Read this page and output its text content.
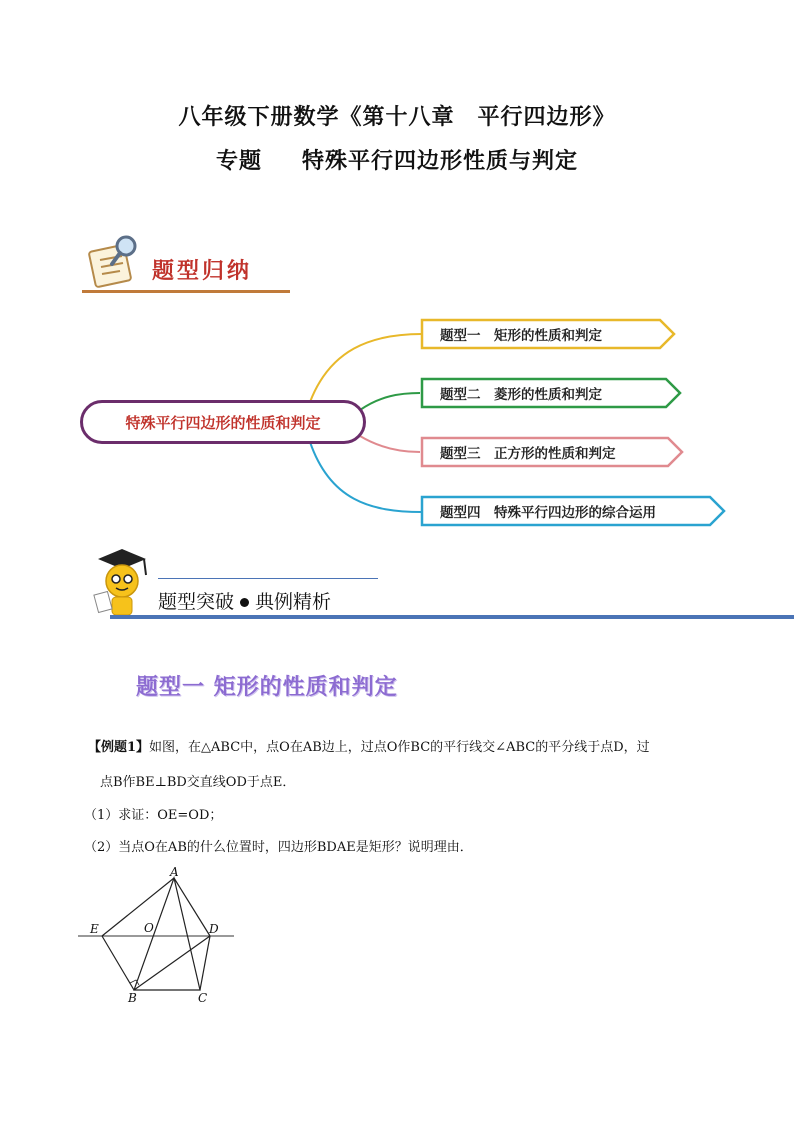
八年级下册数学《第十八章　平行四边形》
专题 特殊平行四边形性质与判定
题型归纳
特殊平行四边形的性质和判定
题型一　矩形的性质和判定
题型二　菱形的性质和判定
题型三　正方形的性质和判定
题型四　特殊平行四边形的综合运用
题型突破 典例精析
题型一 矩形的性质和判定
【例题1】如图，在△ABC中，点O在AB边上，过点O作BC的平行线交∠ABC的平分线于点D，过
点B作BE⊥BD交直线OD于点E．
（1）求证：OE=OD；
（2）当点O在AB的什么位置时，四边形BDAE是矩形？说明理由．
A
E	O	D
B	C
